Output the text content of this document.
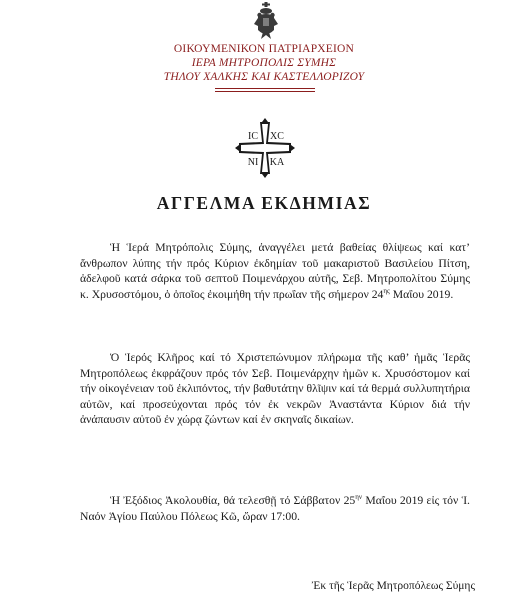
ΟΙΚΟΥΜΕΝΙΚΟΝ ΠΑΤΡΙΑΡΧΕΙΟΝ
ΙΕΡΑ ΜΗΤΡΟΠΟΛΙΣ ΣΥΜΗΣ
ΤΗΛΟΥ ΧΑΛΚΗΣ ΚΑΙ ΚΑΣΤΕΛΛΟΡΙΖΟΥ
IC XC
NI KA
ΑΓΓΕΛΜΑ ΕΚΔΗΜΙΑΣ

Ἡ Ἱερά Μητρόπολις Σύμης, ἀναγγέλει μετά βαθείας θλίψεως καί κατ’ ἄνθρωπον λύπης τήν πρός Κύριον ἐκδημίαν τοῦ μακαριστοῦ Βασιλείου Πίτση, ἀδελφοῦ κατά σάρκα τοῦ σεπτοῦ Ποιμενάρχου αὐτῆς, Σεβ. Μητροπολίτου Σύμης κ. Χρυσοστόμου, ὁ ὁποῖος ἐκοιμήθη τήν πρωΐαν τῆς σήμερον $24^{\eta\varsigma}$ Μαΐου 2019.

Ὁ Ἱερός Κλῆρος καί τό Χριστεπώνυμον πλήρωμα τῆς καθ’ ἡμᾶς Ἱερᾶς Μητροπόλεως ἐκφράζουν πρός τόν Σεβ. Ποιμενάρχην ἡμῶν κ. Χρυσόστομον καί τήν οἰκογένειαν τοῦ ἐκλιπόντος, τήν βαθυτάτην θλῖψιν καί τά θερμά συλλυπητήρια αὐτῶν, καί προσεύχονται πρός τόν ἐκ νεκρῶν Ἀναστάντα Κύριον διά τήν ἀνάπαυσιν αὐτοῦ ἐν χώρᾳ ζώντων καί ἐν σκηναῖς δικαίων.

Ἡ Ἐξόδιος Ἀκολουθία, θά τελεσθῇ τό Σάββατον $25^{\eta\nu}$ Μαΐου 2019 εἰς τόν Ἱ. Ναόν Ἁγίου Παύλου Πόλεως Κῶ, ὥραν 17:00.

Ἐκ τῆς Ἱερᾶς Μητροπόλεως Σύμης
